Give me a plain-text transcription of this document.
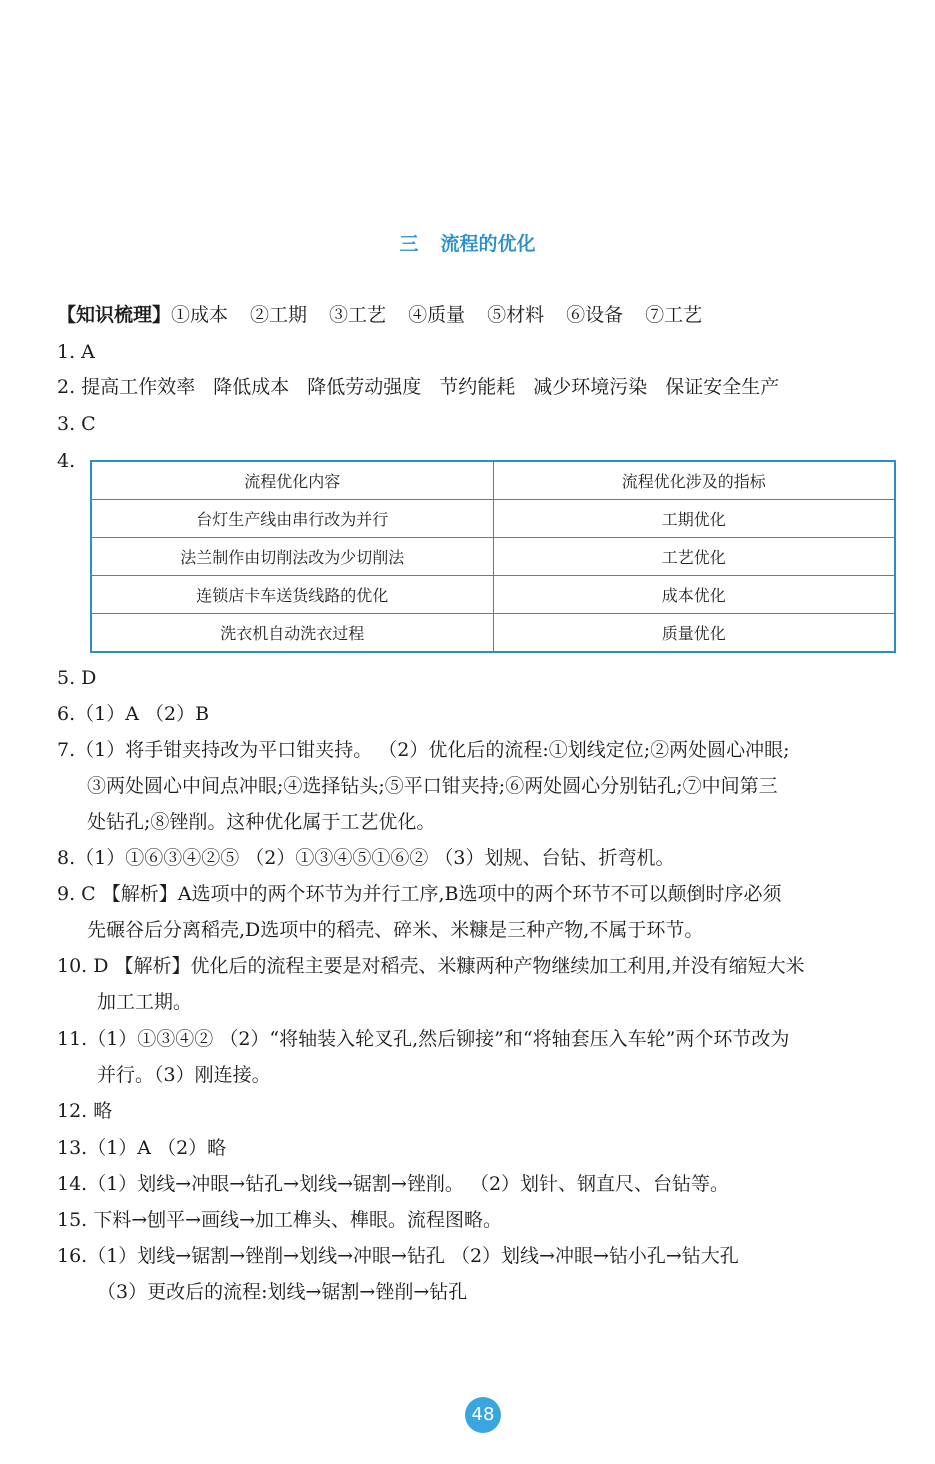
三 流程的优化
【知识梳理】①成本 ②工期 ③工艺 ④质量 ⑤材料 ⑥设备 ⑦工艺
1. A
2. 提高工作效率 降低成本 降低劳动强度 节约能耗 减少环境污染 保证安全生产
3. C
4.
流程优化内容	流程优化涉及的指标
台灯生产线由串行改为并行	工期优化
法兰制作由切削法改为少切削法	工艺优化
连锁店卡车送货线路的优化	成本优化
洗衣机自动洗衣过程	质量优化
5. D
6.（1）A （2）B
7.（1）将手钳夹持改为平口钳夹持。 （2）优化后的流程:①划线定位;②两处圆心冲眼;
③两处圆心中间点冲眼;④选择钻头;⑤平口钳夹持;⑥两处圆心分别钻孔;⑦中间第三
处钻孔;⑧锉削。这种优化属于工艺优化。
8.（1）①⑥③④②⑤ （2）①③④⑤①⑥② （3）划规、台钻、折弯机。
9. C 【解析】A选项中的两个环节为并行工序,B选项中的两个环节不可以颠倒时序必须
先碾谷后分离稻壳,D选项中的稻壳、碎米、米糠是三种产物,不属于环节。
10. D 【解析】优化后的流程主要是对稻壳、米糠两种产物继续加工利用,并没有缩短大米
加工工期。
11.（1）①③④② （2）“将轴装入轮叉孔,然后铆接”和“将轴套压入车轮”两个环节改为
并行。（3）刚连接。
12. 略
13.（1）A （2）略
14.（1）划线→冲眼→钻孔→划线→锯割→锉削。 （2）划针、钢直尺、台钻等。
15. 下料→刨平→画线→加工榫头、榫眼。流程图略。
16.（1）划线→锯割→锉削→划线→冲眼→钻孔 （2）划线→冲眼→钻小孔→钻大孔
（3）更改后的流程:划线→锯割→锉削→钻孔
48
